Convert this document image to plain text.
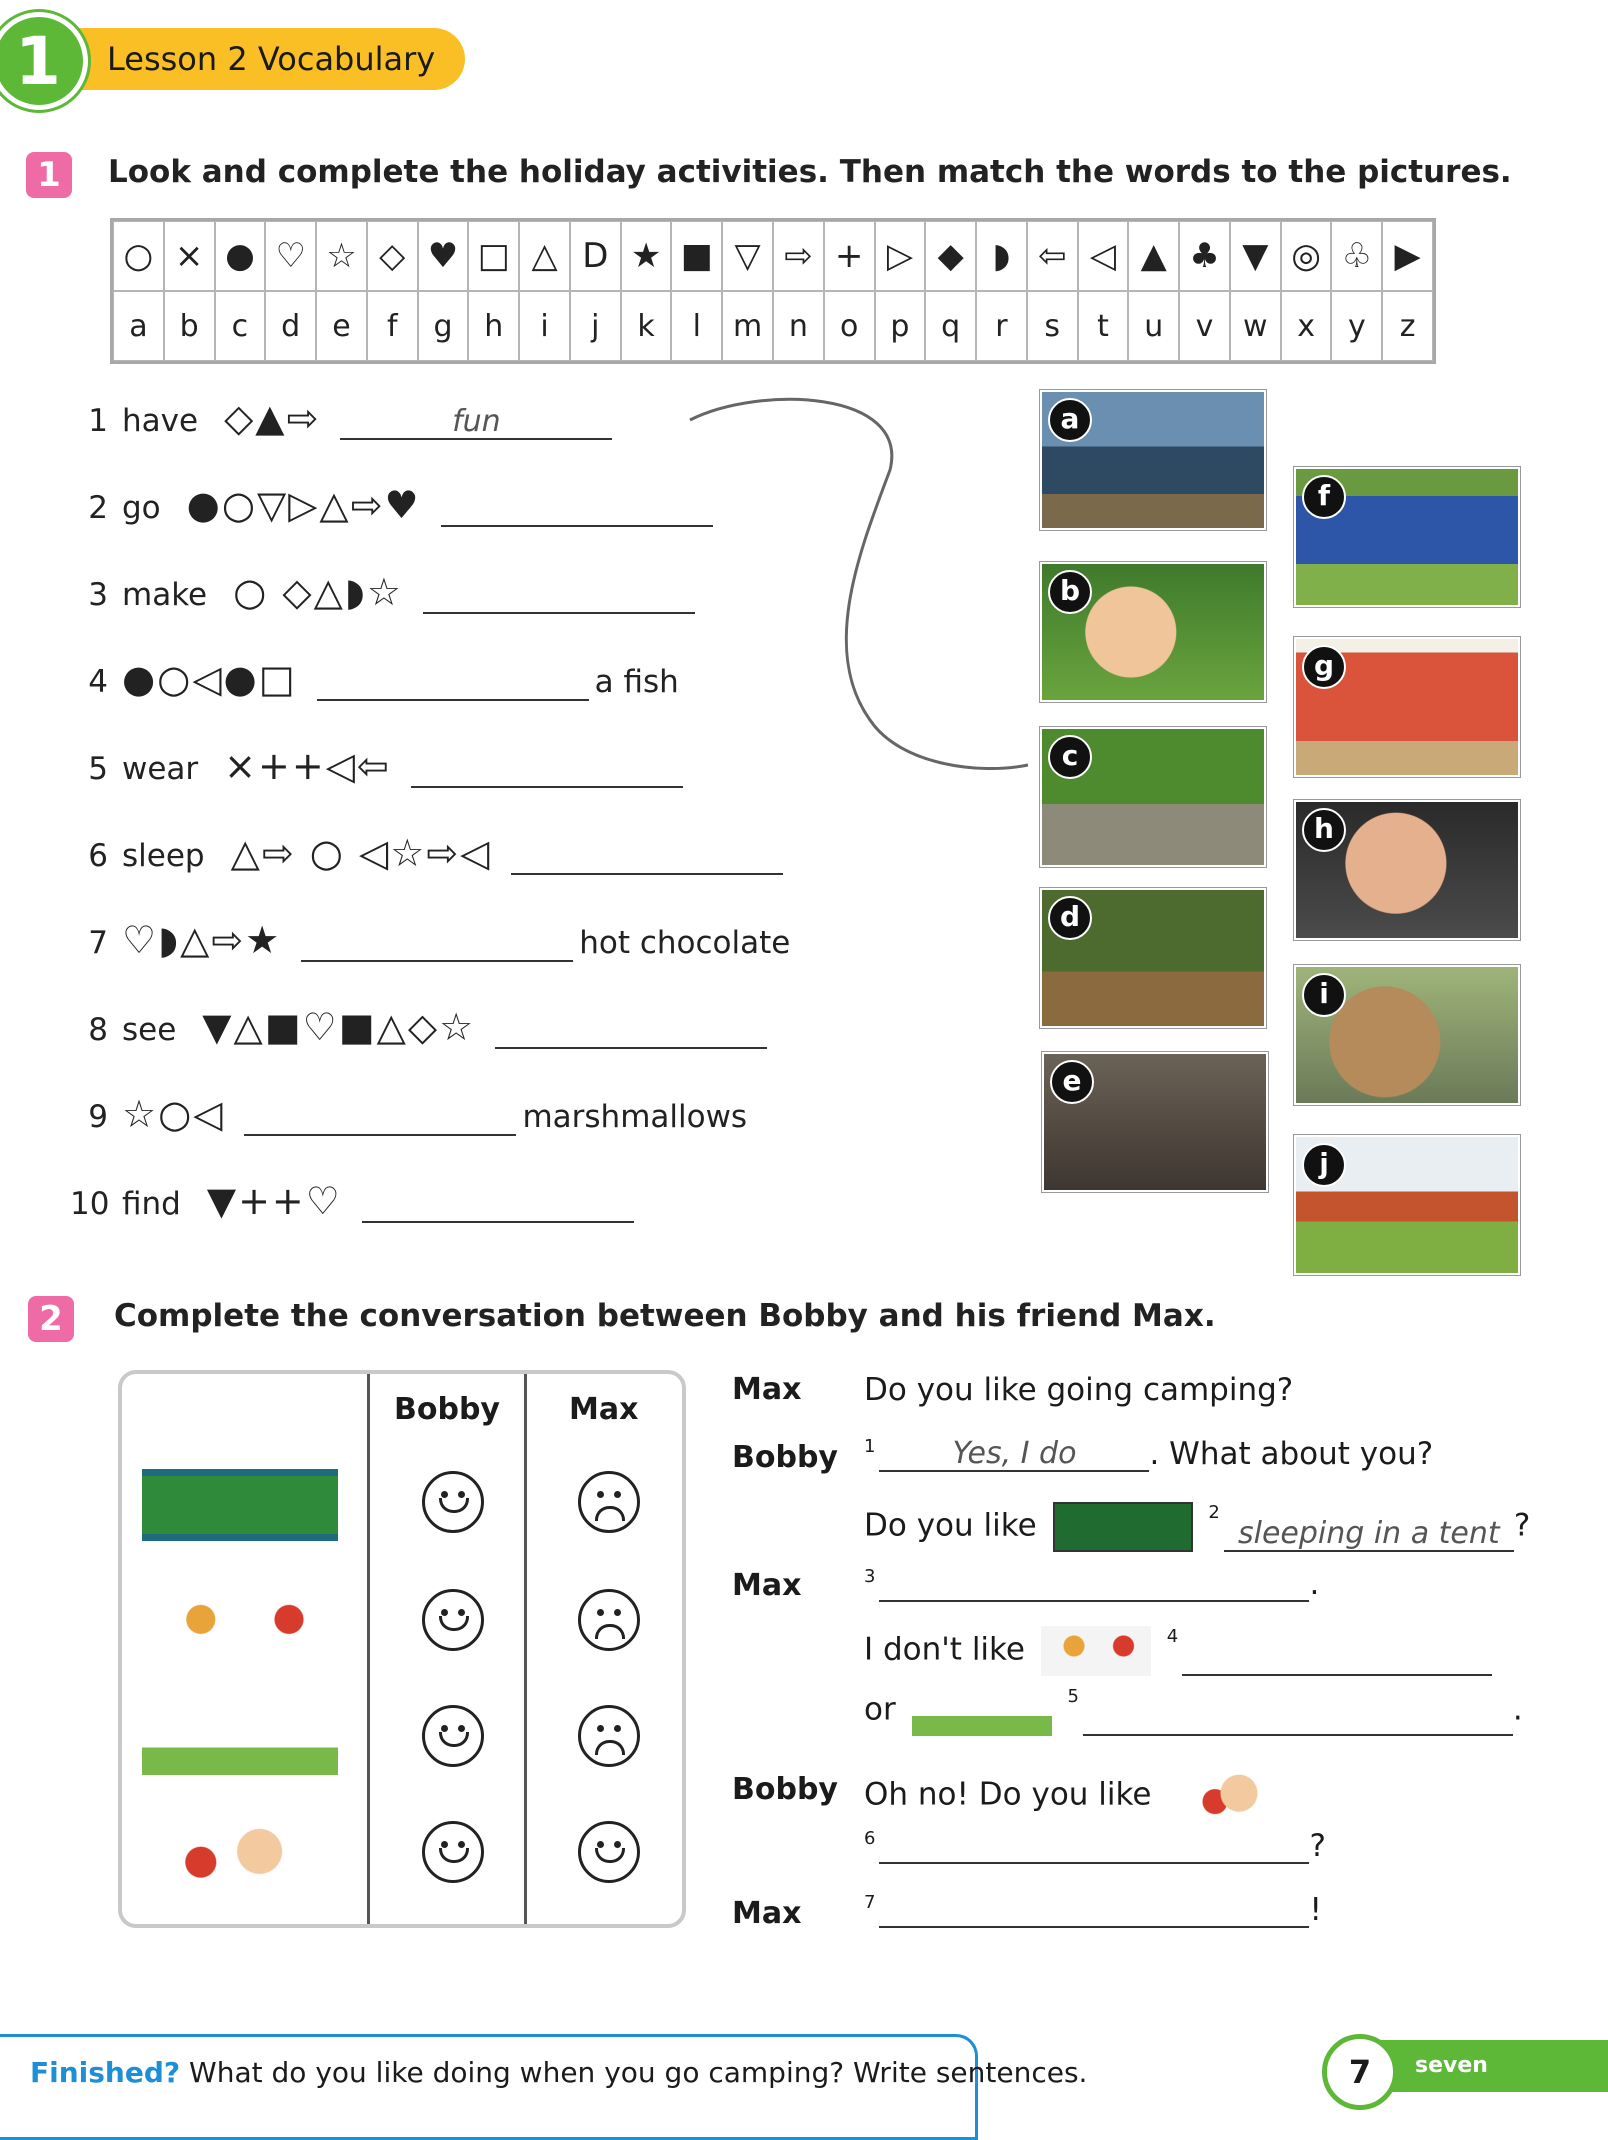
Lesson 2 Vocabulary
1
1	Look and complete the holiday activities. Then match the words to the pictures.
○ × ● ♡ ☆ ◇ ♥ □ △ D ★ ■ ▽ ⇨ + ▷ ◆ ◗ ⇦ ◁ ▲ ♣ ▼ ◎ ♧ ▶
a	b	c	d	e	f	g	h	i	j	k	l	m n	o	p	q	r	s	t	u	v w x	y	z
1 have ◇▲⇨	fun
2 go ●○▽▷△⇨♥
3 make ○ ◇△◗☆
4 ●○◁●□	a fish
5 wear ×++◁⇦
6 sleep △⇨ ○ ◁☆⇨◁
7 ♡◗△⇨★	hot chocolate
8 see ▼△■♡■△◇☆
9 ☆○◁	marshmallows
10 find ▼++♡
a
b
c
d
e
f
g
h
i
j
2	Complete the conversation between Bobby and his friend Max.
Bobby Max
Max Do you like going camping?
Bobby $^1$	Yes, I do . What about you?
Do you like	$^2$sleeping in a tent ?
Max	$^3$	.
I don't like	$^4$
or	$^5$	.
Bobby Oh no! Do you like
$^6$	?
Max	$^7$	!
Finished? What do you like doing when you go camping? Write sentences.	7	seven
